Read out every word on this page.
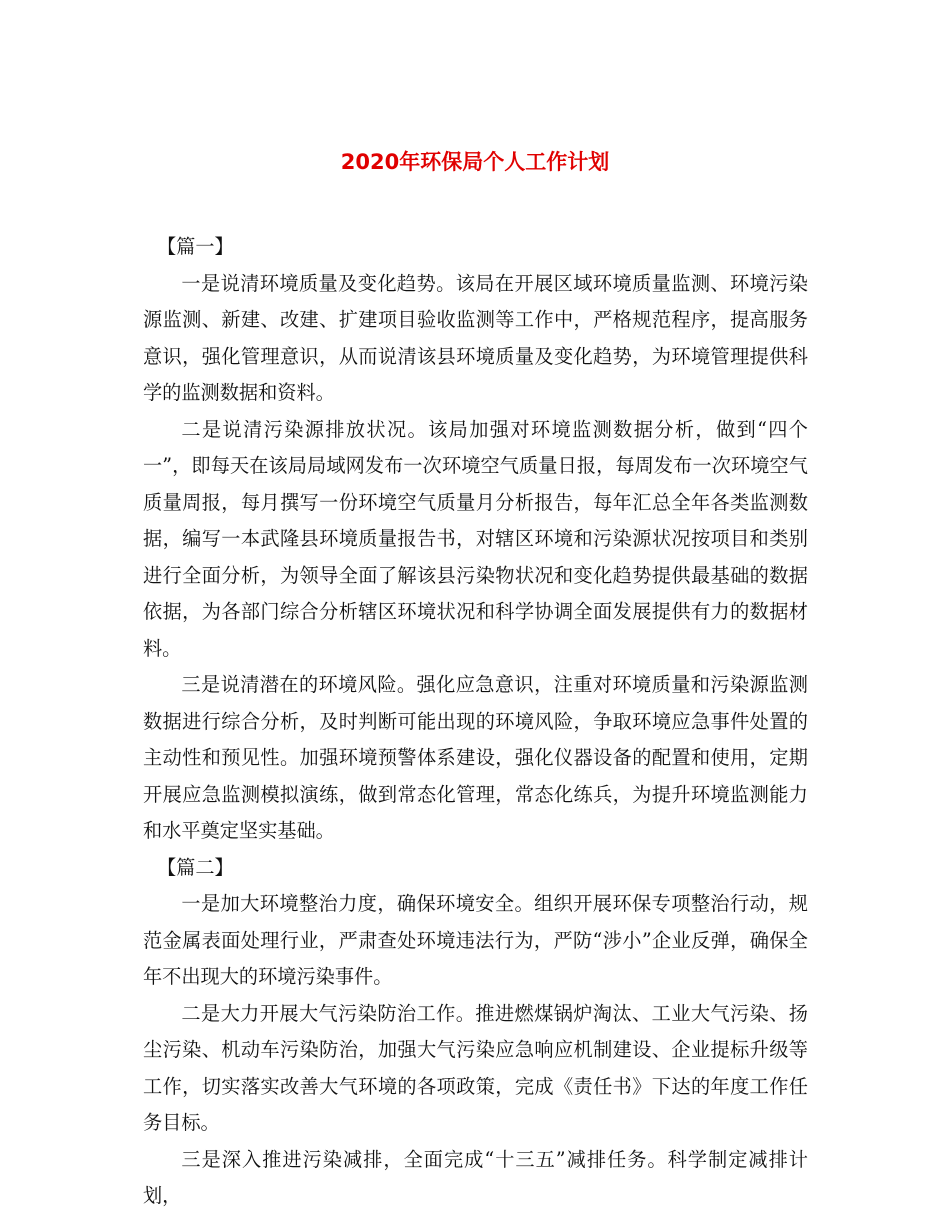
2020年环保局个人工作计划
【篇一】

一是说清环境质量及变化趋势。该局在开展区域环境质量监测、环境污染源监测、新建、改建、扩建项目验收监测等工作中，严格规范程序，提高服务意识，强化管理意识，从而说清该县环境质量及变化趋势，为环境管理提供科学的监测数据和资料。

二是说清污染源排放状况。该局加强对环境监测数据分析，做到“四个一”，即每天在该局局域网发布一次环境空气质量日报，每周发布一次环境空气质量周报，每月撰写一份环境空气质量月分析报告，每年汇总全年各类监测数据，编写一本武隆县环境质量报告书，对辖区环境和污染源状况按项目和类别进行全面分析，为领导全面了解该县污染物状况和变化趋势提供最基础的数据依据，为各部门综合分析辖区环境状况和科学协调全面发展提供有力的数据材料。

三是说清潜在的环境风险。强化应急意识，注重对环境质量和污染源监测数据进行综合分析，及时判断可能出现的环境风险，争取环境应急事件处置的主动性和预见性。加强环境预警体系建设，强化仪器设备的配置和使用，定期开展应急监测模拟演练，做到常态化管理，常态化练兵，为提升环境监测能力和水平奠定坚实基础。

【篇二】

一是加大环境整治力度，确保环境安全。组织开展环保专项整治行动，规范金属表面处理行业，严肃查处环境违法行为，严防“涉小”企业反弹，确保全年不出现大的环境污染事件。

二是大力开展大气污染防治工作。推进燃煤锅炉淘汰、工业大气污染、扬尘污染、机动车污染防治，加强大气污染应急响应机制建设、企业提标升级等工作，切实落实改善大气环境的各项政策，完成《责任书》下达的年度工作任务目标。

三是深入推进污染减排，全面完成“十三五”减排任务。科学制定减排计划，
